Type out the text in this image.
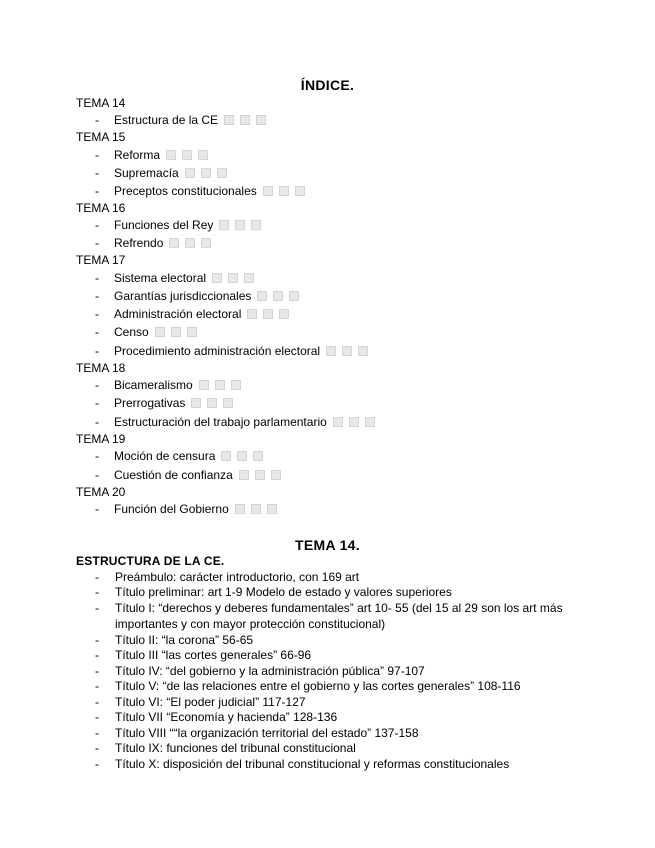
ÍNDICE.
TEMA 14
- Estructura de la CE
TEMA 15
- Reforma
- Supremacía
- Preceptos constitucionales
TEMA 16
- Funciones del Rey
- Refrendo
TEMA 17
- Sistema electoral
- Garantías jurisdiccionales
- Administración electoral
- Censo
- Procedimiento administración electoral
TEMA 18
- Bicameralismo
- Prerrogativas
- Estructuración del trabajo parlamentario
TEMA 19
- Moción de censura
- Cuestión de confianza
TEMA 20
- Función del Gobierno
TEMA 14.
ESTRUCTURA DE LA CE.
- Preámbulo: carácter introductorio, con 169 art
- Título preliminar: art 1-9 Modelo de estado y valores superiores
- Título I: “derechos y deberes fundamentales” art 10- 55 (del 15 al 29 son los art más importantes y con mayor protección constitucional)
- Título II: “la corona” 56-65
- Título III “las cortes generales” 66-96
- Título IV: “del gobierno y la administración pública” 97-107
- Título V: “de las relaciones entre el gobierno y las cortes generales” 108-116
- Título VI: “El poder judicial” 117-127
- Título VII “Economía y hacienda” 128-136
- Título VIII ““la organización territorial del estado” 137-158
- Título IX: funciones del tribunal constitucional
- Título X: disposición del tribunal constitucional y reformas constitucionales
